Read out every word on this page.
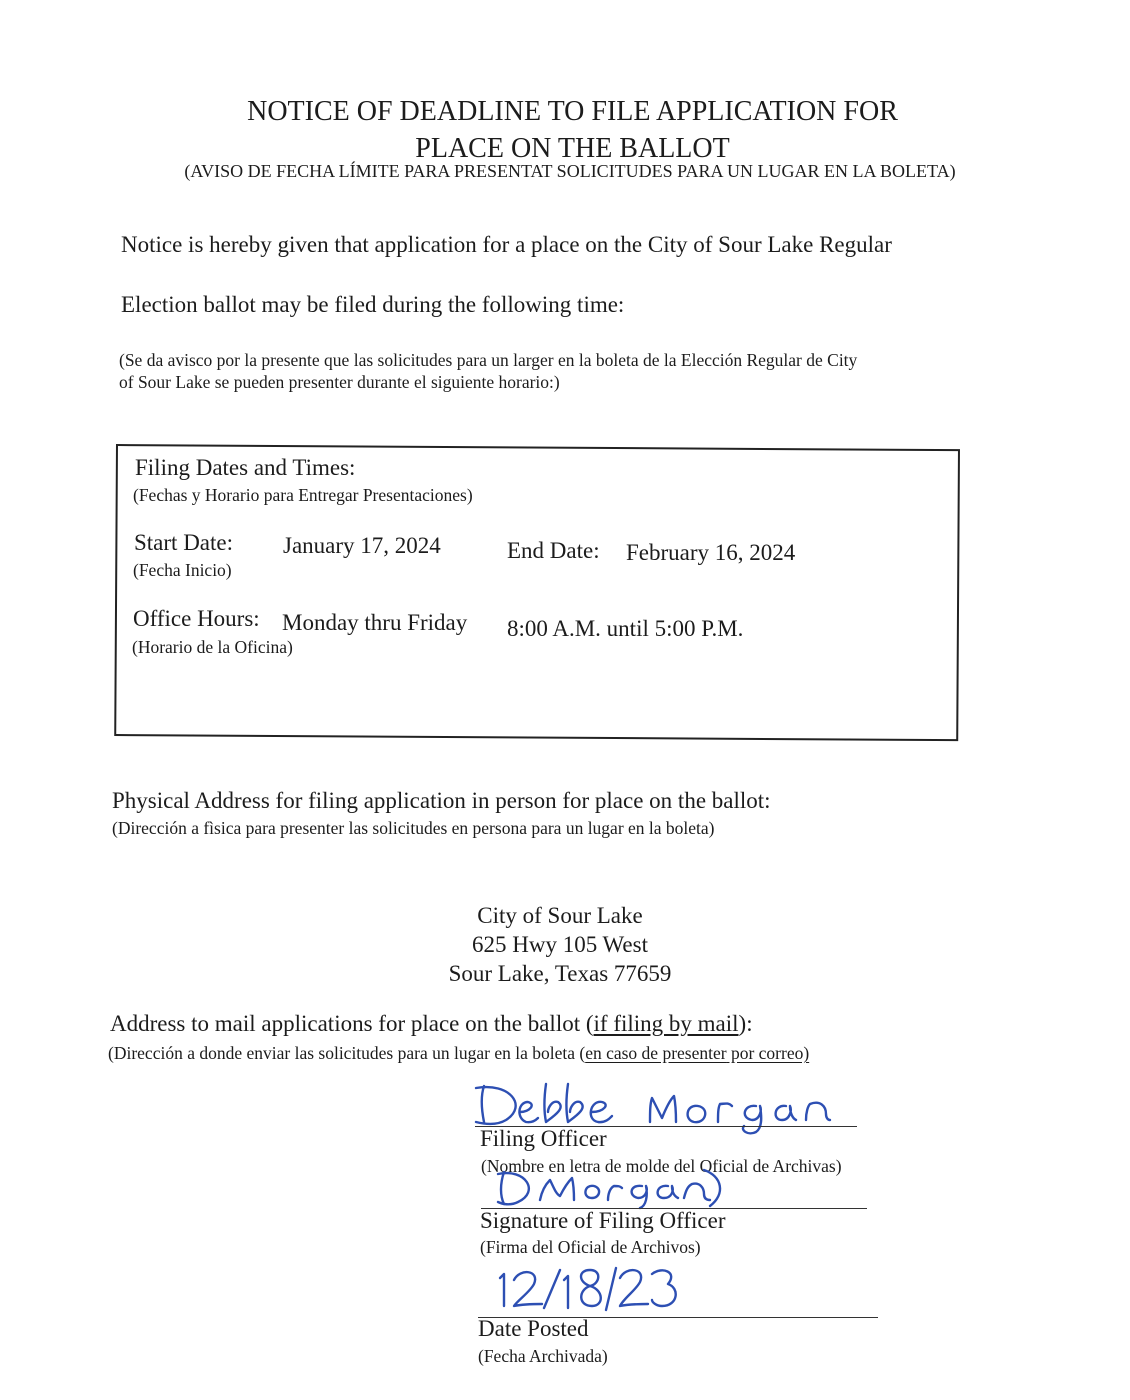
NOTICE OF DEADLINE TO FILE APPLICATION FOR
PLACE ON THE BALLOT
(AVISO DE FECHA LÍMITE PARA PRESENTAT SOLICITUDES PARA UN LUGAR EN LA BOLETA)
Notice is hereby given that application for a place on the City of Sour Lake Regular
Election ballot may be filed during the following time:
(Se da avisco por la presente que las solicitudes para un larger en la boleta de la Elección Regular de City
of Sour Lake se pueden presenter durante el siguiente horario:)
Filing Dates and Times:
(Fechas y Horario para Entregar Presentaciones)
Start Date: January 17, 2024
(Fecha Inicio)
End Date: February 16, 2024
Office Hours: Monday thru Friday 8:00 A.M. until 5:00 P.M.
(Horario de la Oficina)
Physical Address for filing application in person for place on the ballot:
(Dirección a fìsica para presenter las solicitudes en persona para un lugar en la boleta)
City of Sour Lake
625 Hwy 105 West
Sour Lake, Texas 77659
Address to mail applications for place on the ballot (if filing by mail):
(Dirección a donde enviar las solicitudes para un lugar en la boleta (en caso de presenter por correo)
Filing Officer
(Nombre en letra de molde del Oficial de Archivas)
Signature of Filing Officer
(Firma del Oficial de Archivos)
Date Posted
(Fecha Archivada)
